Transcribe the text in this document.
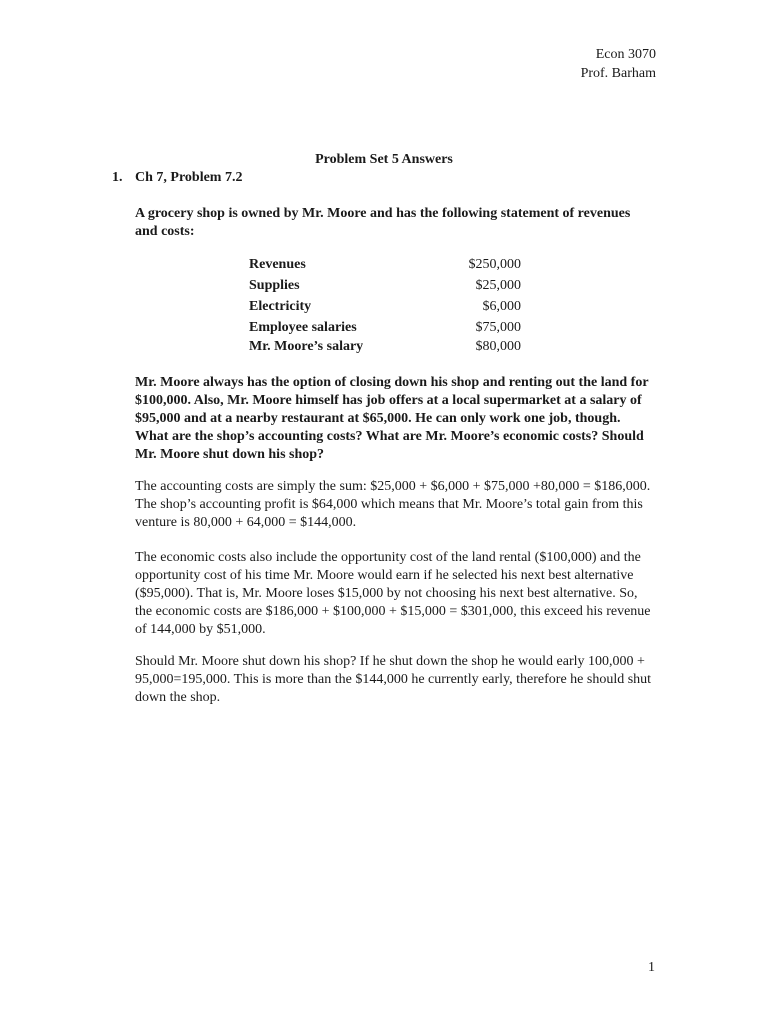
Econ 3070
Prof. Barham
Problem Set 5 Answers
1. Ch 7, Problem 7.2
A grocery shop is owned by Mr. Moore and has the following statement of revenues and costs:
Revenues	$250,000
Supplies	$25,000
Electricity	$6,000
Employee salaries	$75,000
Mr. Moore’s salary	$80,000
Mr. Moore always has the option of closing down his shop and renting out the land for $100,000. Also, Mr. Moore himself has job offers at a local supermarket at a salary of $95,000 and at a nearby restaurant at $65,000. He can only work one job, though. What are the shop’s accounting costs? What are Mr. Moore’s economic costs? Should Mr. Moore shut down his shop?
The accounting costs are simply the sum: $25,000 + $6,000 + $75,000 +80,000 = $186,000. The shop’s accounting profit is $64,000 which means that Mr. Moore’s total gain from this venture is 80,000 + 64,000 = $144,000.
The economic costs also include the opportunity cost of the land rental ($100,000) and the opportunity cost of his time Mr. Moore would earn if he selected his next best alternative ($95,000). That is, Mr. Moore loses $15,000 by not choosing his next best alternative. So, the economic costs are $186,000 + $100,000 + $15,000 = $301,000, this exceed his revenue of 144,000 by $51,000.
Should Mr. Moore shut down his shop? If he shut down the shop he would early 100,000 + 95,000=195,000. This is more than the $144,000 he currently early, therefore he should shut down the shop.
1
